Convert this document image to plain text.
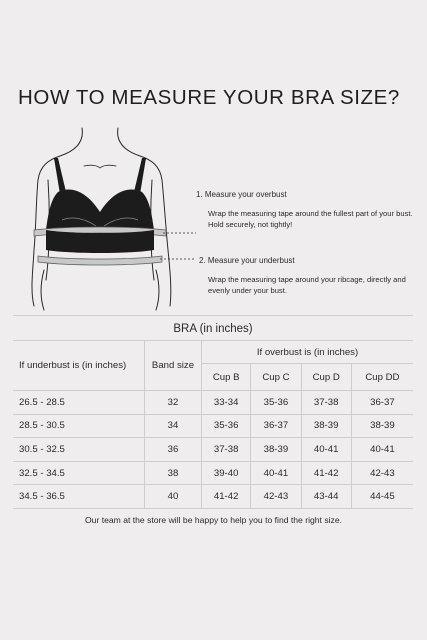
HOW TO MEASURE YOUR BRA SIZE?
1. Measure your overbust
Wrap the measuring tape around the fullest part of your bust. Hold securely, not tightly!
2. Measure your underbust
Wrap the measuring tape around your ribcage, directly and evenly under your bust.
BRA (in inches)
If underbust is (in inches)	Band size	If overbust is (in inches)			
		Cup B	Cup C	Cup D	Cup DD
26.5 - 28.5	32	33-34	35-36	37-38	36-37
28.5 - 30.5	34	35-36	36-37	38-39	38-39
30.5 - 32.5	36	37-38	38-39	40-41	40-41
32.5 - 34.5	38	39-40	40-41	41-42	42-43
34.5 - 36.5	40	41-42	42-43	43-44	44-45
Our team at the store will be happy to help you to find the right size.
